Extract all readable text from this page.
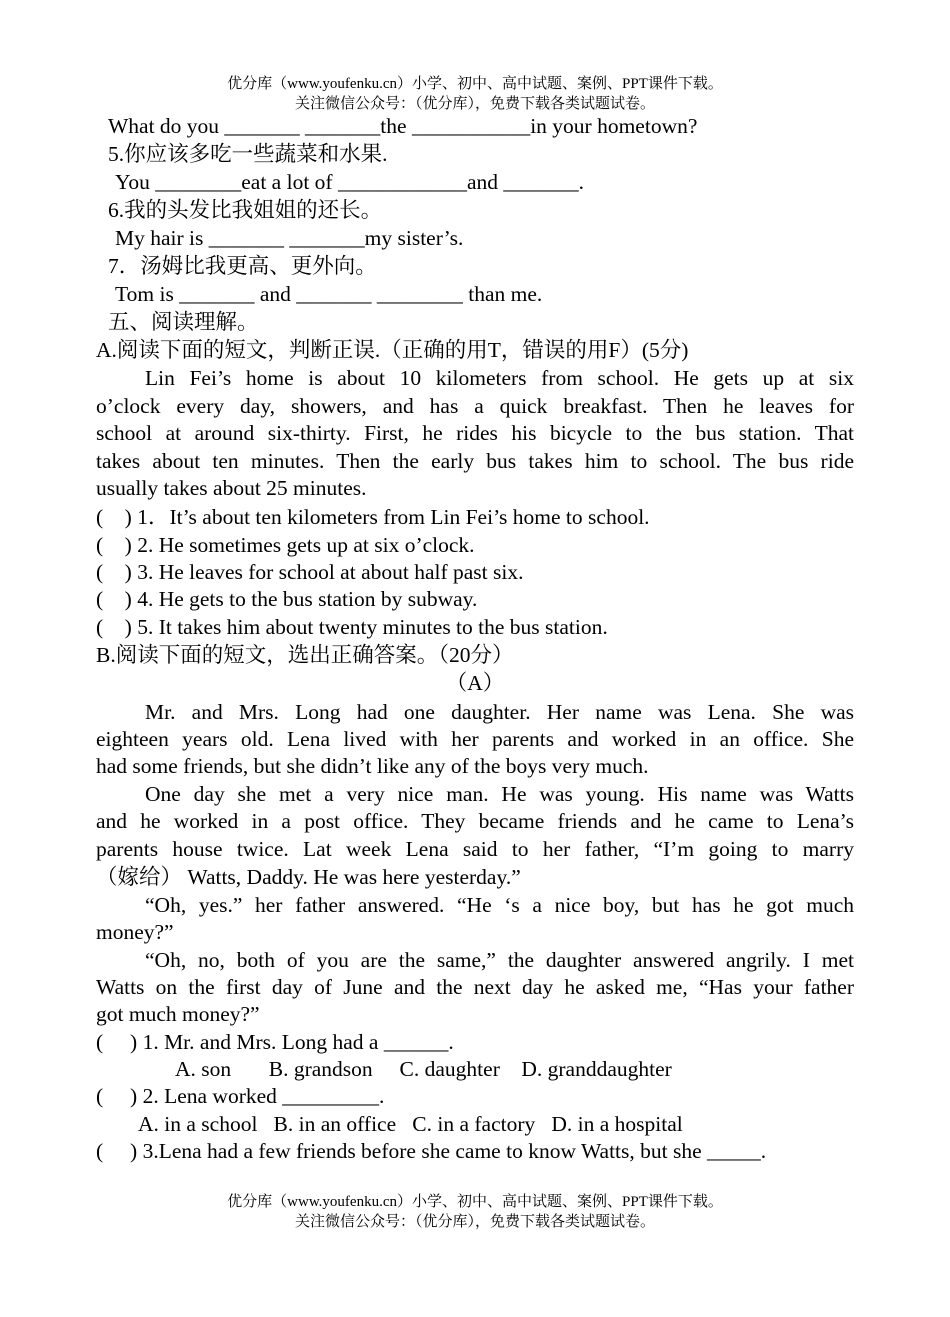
优分库（www.youfenku.cn）小学、初中、高中试题、案例、PPT课件下载。
关注微信公众号：（优分库），免费下载各类试题试卷。
What do you _______ _______the ___________in your hometown?
5.你应该多吃一些蔬菜和水果.
You ________eat a lot of ____________and _______.
6.我的头发比我姐姐的还长。
My hair is _______ _______my sister’s.
7．汤姆比我更高、更外向。
Tom is _______ and _______ ________ than me.
五、阅读理解。
A.阅读下面的短文，判断正误.（正确的用T，错误的用F）(5分)
Lin Fei’s home is about 10 kilometers from school. He gets up at six
o’clock every day, showers, and has a quick breakfast. Then he leaves for
school at around six-thirty. First, he rides his bicycle to the bus station. That
takes about ten minutes. Then the early bus takes him to school. The bus ride
usually takes about 25 minutes.
(    ) 1．It’s about ten kilometers from Lin Fei’s home to school.
(    ) 2. He sometimes gets up at six o’clock.
(    ) 3. He leaves for school at about half past six.
(    ) 4. He gets to the bus station by subway.
(    ) 5. It takes him about twenty minutes to the bus station.
B.阅读下面的短文，选出正确答案。（20分）
（A）
Mr. and Mrs. Long had one daughter. Her name was Lena. She was
eighteen years old. Lena lived with her parents and worked in an office. She
had some friends, but she didn’t like any of the boys very much.
One day she met a very nice man. He was young. His name was Watts
and he worked in a post office. They became friends and he came to Lena’s
parents house twice. Lat week Lena said to her father, “I’m going to marry
（嫁给） Watts, Daddy. He was here yesterday.”
“Oh, yes.” her father answered. “He ‘s a nice boy, but has he got much
money?”
“Oh, no, both of you are the same,” the daughter answered angrily. I met
Watts on the first day of June and the next day he asked me, “Has your father
got much money?”
(     ) 1. Mr. and Mrs. Long had a ______.
A. son       B. grandson     C. daughter    D. granddaughter
(     ) 2. Lena worked _________.
A. in a school   B. in an office   C. in a factory   D. in a hospital
(     ) 3.Lena had a few friends before she came to know Watts, but she _____.
优分库（www.youfenku.cn）小学、初中、高中试题、案例、PPT课件下载。
关注微信公众号：（优分库），免费下载各类试题试卷。
